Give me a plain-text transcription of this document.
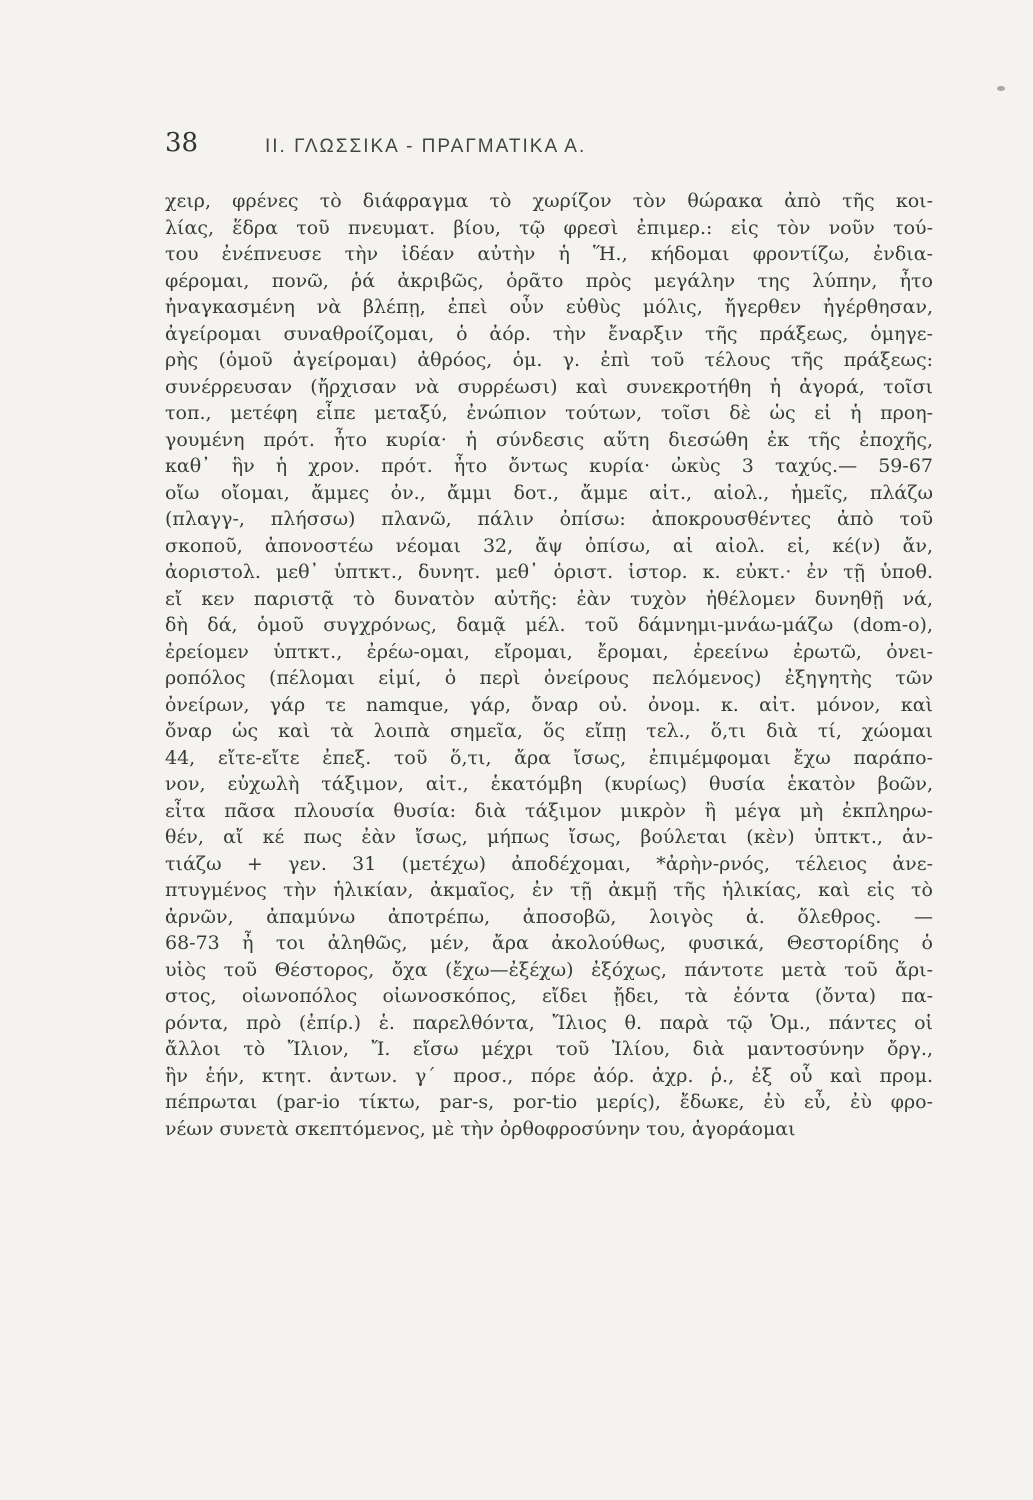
38	II. ΓΛΩΣΣΙΚΑ - ΠΡΑΓΜΑΤΙΚΑ Α.
χειρ, φρένες τὸ διάφραγμα τὸ χωρίζον τὸν θώρακα ἀπὸ τῆς κοι-
λίας, ἕδρα τοῦ πνευματ. βίου, τῷ φρεσὶ ἐπιμερ.: εἰς τὸν νοῦν τού-
του ἐνέπνευσε τὴν ἰδέαν αὐτὴν ἡ Ἥ., κήδομαι φροντίζω, ἐνδια-
φέρομαι, πονῶ, ῥά ἀκριβῶς, ὁρᾶτο πρὸς μεγάλην της λύπην, ἦτο
ἠναγκασμένη νὰ βλέπῃ, ἐπεὶ οὖν εὐθὺς μόλις, ἤγερθεν ἠγέρθησαν,
ἀγείρομαι συναθροίζομαι, ὁ ἀόρ. τὴν ἔναρξιν τῆς πράξεως, ὁμηγε-
ρὴς (ὁμοῦ ἀγείρομαι) ἀθρόος, ὁμ. γ. ἐπὶ τοῦ τέλους τῆς πράξεως:
συνέρρευσαν (ἤρχισαν νὰ συρρέωσι) καὶ συνεκροτήθη ἡ ἀγορά, τοῖσι
τοπ., μετέφη εἶπε μεταξύ, ἐνώπιον τούτων, τοῖσι δὲ ὡς εἰ ἡ προη-
γουμένη πρότ. ἦτο κυρία· ἡ σύνδεσις αὕτη διεσώθη ἐκ τῆς ἐποχῆς,
καθ᾽ ἣν ἡ χρον. πρότ. ἦτο ὄντως κυρία· ὠκὺς 3 ταχύς.— 59-67
οἴω οἴομαι, ἄμμες ὀν., ἄμμι δοτ., ἄμμε αἰτ., αἰολ., ἡμεῖς, πλάζω
(πλαγγ-, πλήσσω) πλανῶ, πάλιν ὀπίσω: ἀποκρουσθέντες ἀπὸ τοῦ
σκοποῦ, ἀπονοστέω νέομαι 32, ἄψ ὀπίσω, αἰ αἰολ. εἰ, κέ(ν) ἄν,
ἀοριστολ. μεθ᾽ ὑπτκτ., δυνητ. μεθ᾽ ὁριστ. ἱστορ. κ. εὐκτ.· ἐν τῇ ὑποθ.
εἴ κεν παριστᾷ τὸ δυνατὸν αὐτῆς: ἐὰν τυχὸν ἠθέλομεν δυνηθῇ νά,
δὴ δά, ὁμοῦ συγχρόνως, δαμᾷ μέλ. τοῦ δάμνημι-μνάω-μάζω (dom-o),
ἐρείομεν ὑπτκτ., ἐρέω-ομαι, εἴρομαι, ἔρομαι, ἐρεείνω ἐρωτῶ, ὀνει-
ροπόλος (πέλομαι εἰμί, ὁ περὶ ὀνείρους πελόμενος) ἐξηγητὴς τῶν
ὀνείρων, γάρ τε namque, γάρ, ὄναρ οὐ. ὀνομ. κ. αἰτ. μόνον, καὶ
ὄναρ ὡς καὶ τὰ λοιπὰ σημεῖα, ὅς εἴπῃ τελ., ὅ,τι διὰ τί, χώομαι
44, εἴτε-εἴτε ἐπεξ. τοῦ ὅ,τι, ἄρα ἴσως, ἐπιμέμφομαι ἔχω παράπο-
νον, εὐχωλὴ τάξιμον, αἰτ., ἑκατόμβη (κυρίως) θυσία ἑκατὸν βοῶν,
εἶτα πᾶσα πλουσία θυσία: διὰ τάξιμον μικρὸν ἢ μέγα μὴ ἐκπληρω-
θέν, αἴ κέ πως ἐὰν ἴσως, μήπως ἴσως, βούλεται (κὲν) ὑπτκτ., ἀν-
τιάζω + γεν. 31 (μετέχω) ἀποδέχομαι, *ἀρὴν-ρνός, τέλειος ἀνε-
πτυγμένος τὴν ἡλικίαν, ἀκμαῖος, ἐν τῇ ἀκμῇ τῆς ἡλικίας, καὶ εἰς τὸ
ἀρνῶν, ἀπαμύνω ἀποτρέπω, ἀποσοβῶ, λοιγὸς ἁ. ὄλεθρος. —
68-73 ἦ τοι ἀληθῶς, μέν, ἄρα ἀκολούθως, φυσικά, Θεστορίδης ὁ
υἱὸς τοῦ Θέστορος, ὄχα (ἔχω—ἐξέχω) ἐξόχως, πάντοτε μετὰ τοῦ ἄρι-
στος, οἰωνοπόλος οἰωνοσκόπος, εἴδει ᾔδει, τὰ ἐόντα (ὄντα) πα-
ρόντα, πρὸ (ἐπίρ.) ἑ. παρελθόντα, Ἴλιος θ. παρὰ τῷ Ὁμ., πάντες οἱ
ἄλλοι τὸ Ἴλιον, Ἴ. εἴσω μέχρι τοῦ Ἰλίου, διὰ μαντοσύνην ὄργ.,
ἣν ἑήν, κτητ. ἀντων. γ´ προσ., πόρε ἀόρ. ἀχρ. ῥ., ἐξ οὗ καὶ προμ.
πέπρωται (par-io τίκτω, par-s, por-tio μερίς), ἔδωκε, ἐὺ εὖ, ἐὺ φρο-
νέων συνετὰ σκεπτόμενος, μὲ τὴν ὀρθοφροσύνην του, ἀγοράομαι
